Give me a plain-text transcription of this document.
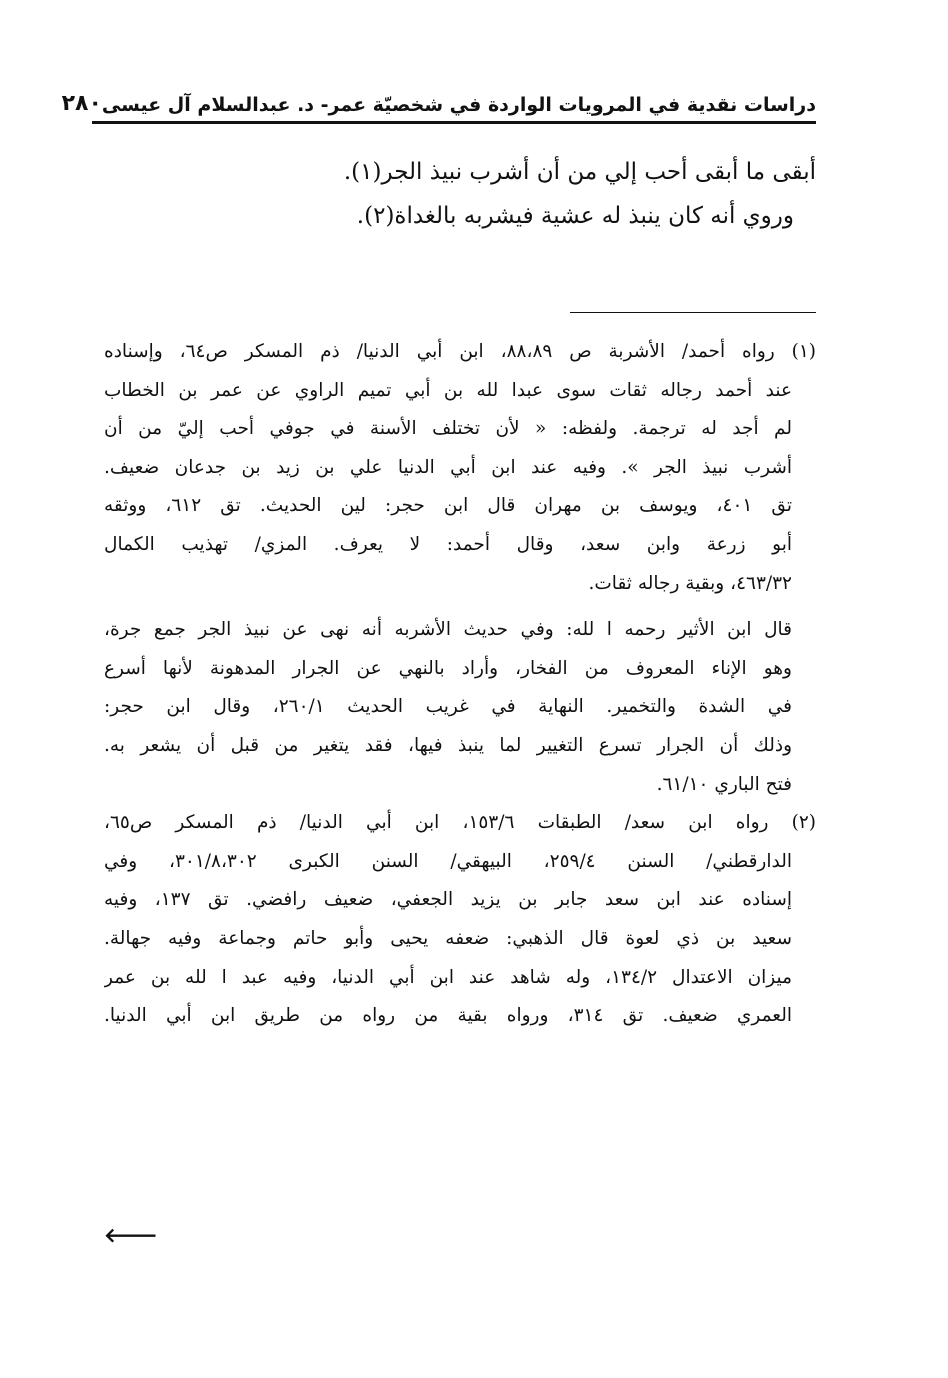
دراسات نقدية في المرويات الواردة في شخصيّة عمر- د. عبدالسلام آل عيسى
٢٨٠

أبقى ما أبقى أحب إلي من أن أشرب نبيذ الجر(١).

وروي أنه كان ينبذ له عشية فيشربه بالغداة(٢).

(١) رواه أحمد/ الأشربة ص ٨٨،٨٩، ابن أبي الدنيا/ ذم المسكر ص٦٤، وإسناده

عند أحمد رجاله ثقات سوى عبدا لله بن أبي تميم الراوي عن عمر بن الخطاب

لم أجد له ترجمة. ولفظه: « لأن تختلف الأسنة في جوفي أحب إليّ من أن

أشرب نبيذ الجر ». وفيه عند ابن أبي الدنيا علي بن زيد بن جدعان ضعيف.

تق ٤٠١، ويوسف بن مهران قال ابن حجر: لين الحديث. تق ٦١٢، ووثقه

أبو زرعة وابن سعد، وقال أحمد: لا يعرف. المزي/ تهذيب الكمال

٤٦٣/٣٢، وبقية رجاله ثقات.

قال ابن الأثير رحمه ا لله: وفي حديث الأشربه أنه نهى عن نبيذ الجر جمع جرة،

وهو الإناء المعروف من الفخار، وأراد بالنهي عن الجرار المدهونة لأنها أسرع

في الشدة والتخمير. النهاية في غريب الحديث ٢٦٠/١، وقال ابن حجر:

وذلك أن الجرار تسرع التغيير لما ينبذ فيها، فقد يتغير من قبل أن يشعر به.

فتح الباري ٦١/١٠.

(٢) رواه ابن سعد/ الطبقات ١٥٣/٦، ابن أبي الدنيا/ ذم المسكر ص٦٥،

الدارقطني/ السنن ٢٥٩/٤، البيهقي/ السنن الكبرى ٣٠١/٨،٣٠٢، وفي

إسناده عند ابن سعد جابر بن يزيد الجعفي، ضعيف رافضي. تق ١٣٧، وفيه

سعيد بن ذي لعوة قال الذهبي: ضعفه يحيى وأبو حاتم وجماعة وفيه جهالة.

ميزان الاعتدال ١٣٤/٢، وله شاهد عند ابن أبي الدنيا، وفيه عبد ا لله بن عمر

العمري ضعيف. تق ٣١٤، ورواه بقية من رواه من طريق ابن أبي الدنيا.

🡐
